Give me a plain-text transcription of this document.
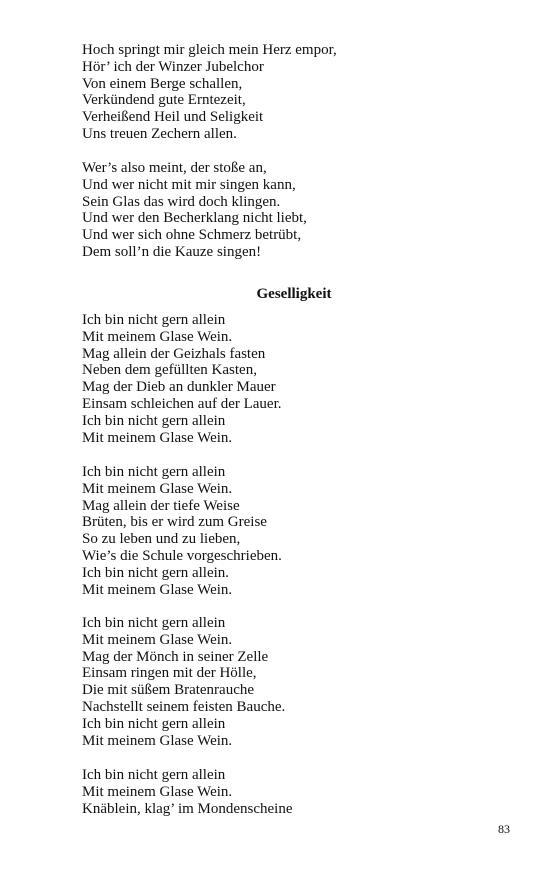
Hoch springt mir gleich mein Herz empor,
Hör’ ich der Winzer Jubelchor
Von einem Berge schallen,
Verkündend gute Erntezeit,
Verheißend Heil und Seligkeit
Uns treuen Zechern allen.
Wer’s also meint, der stoße an,
Und wer nicht mit mir singen kann,
Sein Glas das wird doch klingen.
Und wer den Becherklang nicht liebt,
Und wer sich ohne Schmerz betrübt,
Dem soll’n die Kauze singen!
Geselligkeit
Ich bin nicht gern allein
Mit meinem Glase Wein.
Mag allein der Geizhals fasten
Neben dem gefüllten Kasten,
Mag der Dieb an dunkler Mauer
Einsam schleichen auf der Lauer.
Ich bin nicht gern allein
Mit meinem Glase Wein.
Ich bin nicht gern allein
Mit meinem Glase Wein.
Mag allein der tiefe Weise
Brüten, bis er wird zum Greise
So zu leben und zu lieben,
Wie’s die Schule vorgeschrieben.
Ich bin nicht gern allein.
Mit meinem Glase Wein.
Ich bin nicht gern allein
Mit meinem Glase Wein.
Mag der Mönch in seiner Zelle
Einsam ringen mit der Hölle,
Die mit süßem Bratenrauche
Nachstellt seinem feisten Bauche.
Ich bin nicht gern allein
Mit meinem Glase Wein.
Ich bin nicht gern allein
Mit meinem Glase Wein.
Knäblein, klag’ im Mondenscheine
83
